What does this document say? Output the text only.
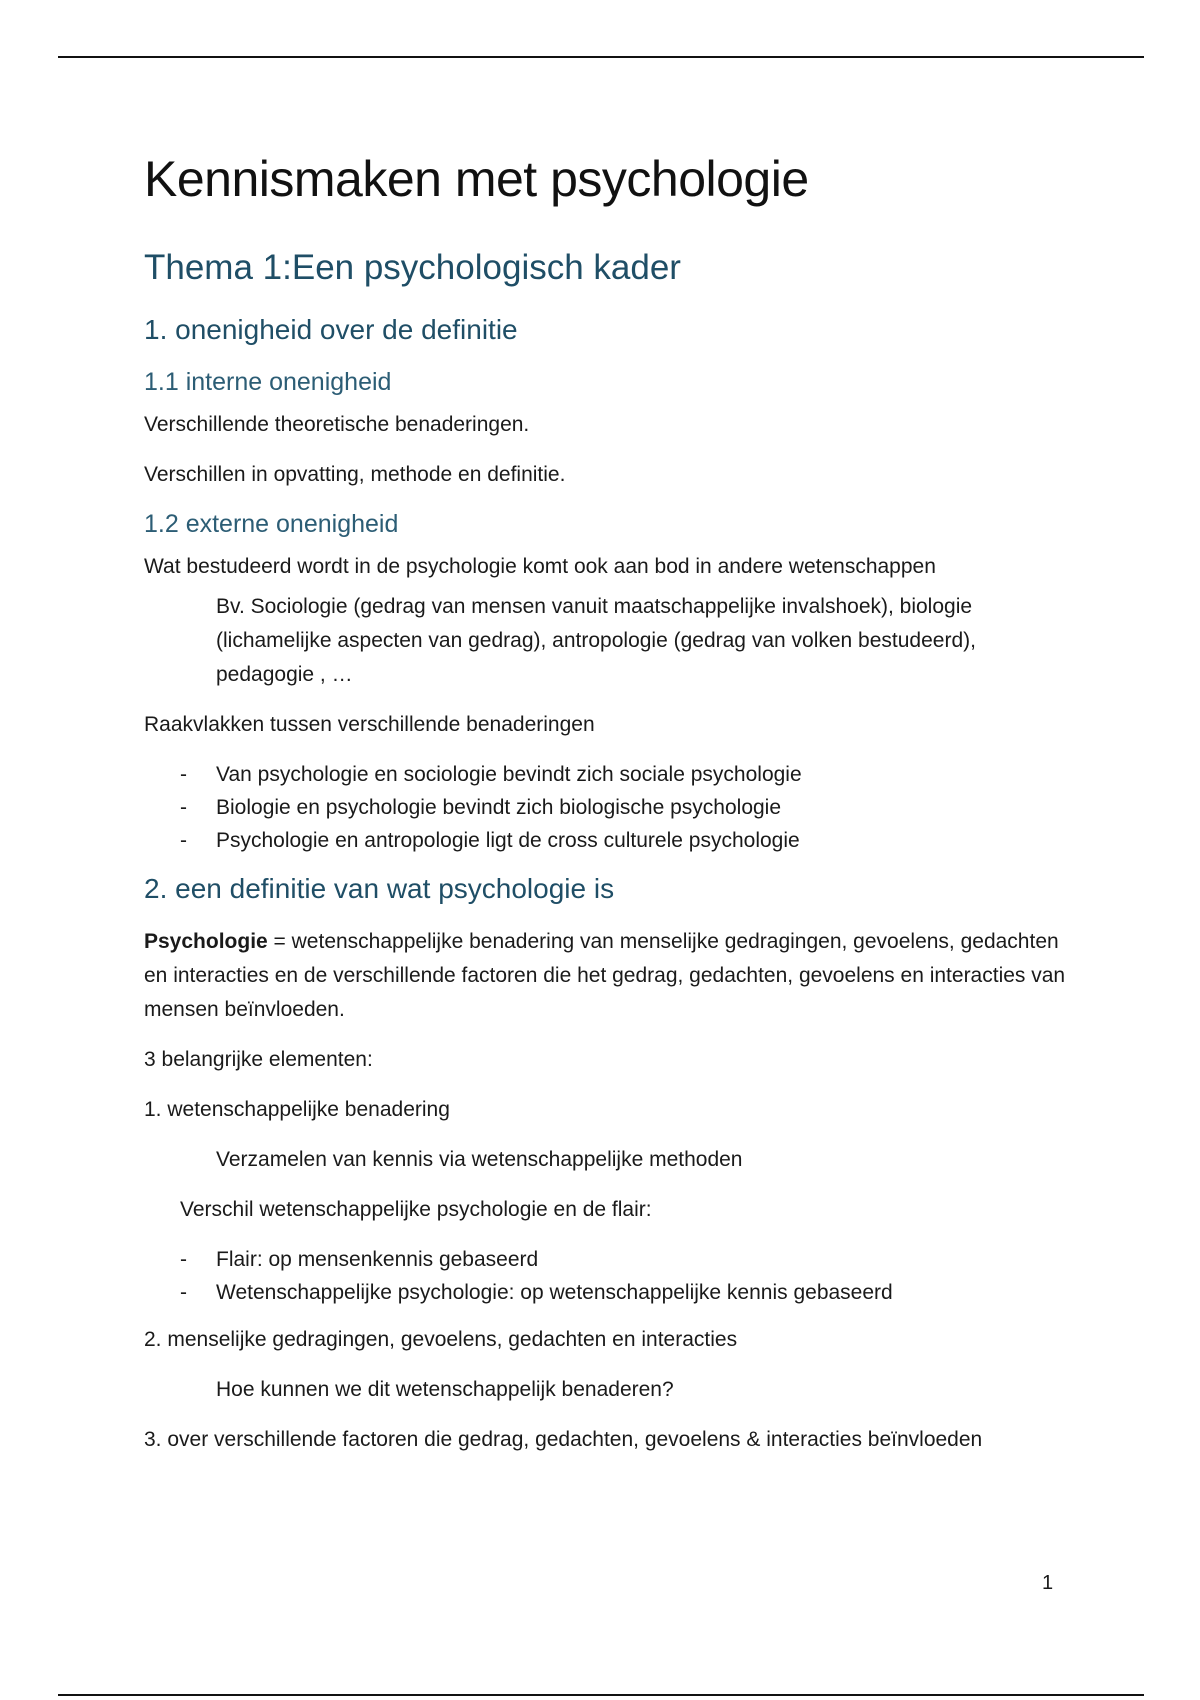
Kennismaken met psychologie
Thema 1:Een psychologisch kader
1. onenigheid over de definitie
1.1 interne onenigheid

Verschillende theoretische benaderingen.

Verschillen in opvatting, methode en definitie.

1.2 externe onenigheid

Wat bestudeerd wordt in de psychologie komt ook aan bod in andere wetenschappen

Bv. Sociologie (gedrag van mensen vanuit maatschappelijke invalshoek), biologie (lichamelijke aspecten van gedrag), antropologie (gedrag van volken bestudeerd), pedagogie , …

Raakvlakken tussen verschillende benaderingen

- Van psychologie en sociologie bevindt zich sociale psychologie
- Biologie en psychologie bevindt zich biologische psychologie
- Psychologie en antropologie ligt de cross culturele psychologie
2. een definitie van wat psychologie is

Psychologie = wetenschappelijke benadering van menselijke gedragingen, gevoelens, gedachten en interacties en de verschillende factoren die het gedrag, gedachten, gevoelens en interacties van mensen beïnvloeden.

3 belangrijke elementen:

1. wetenschappelijke benadering

Verzamelen van kennis via wetenschappelijke methoden

Verschil wetenschappelijke psychologie en de flair:

- Flair: op mensenkennis gebaseerd
- Wetenschappelijke psychologie: op wetenschappelijke kennis gebaseerd

2. menselijke gedragingen, gevoelens, gedachten en interacties

Hoe kunnen we dit wetenschappelijk benaderen?

3. over verschillende factoren die gedrag, gedachten, gevoelens & interacties beïnvloeden

1
